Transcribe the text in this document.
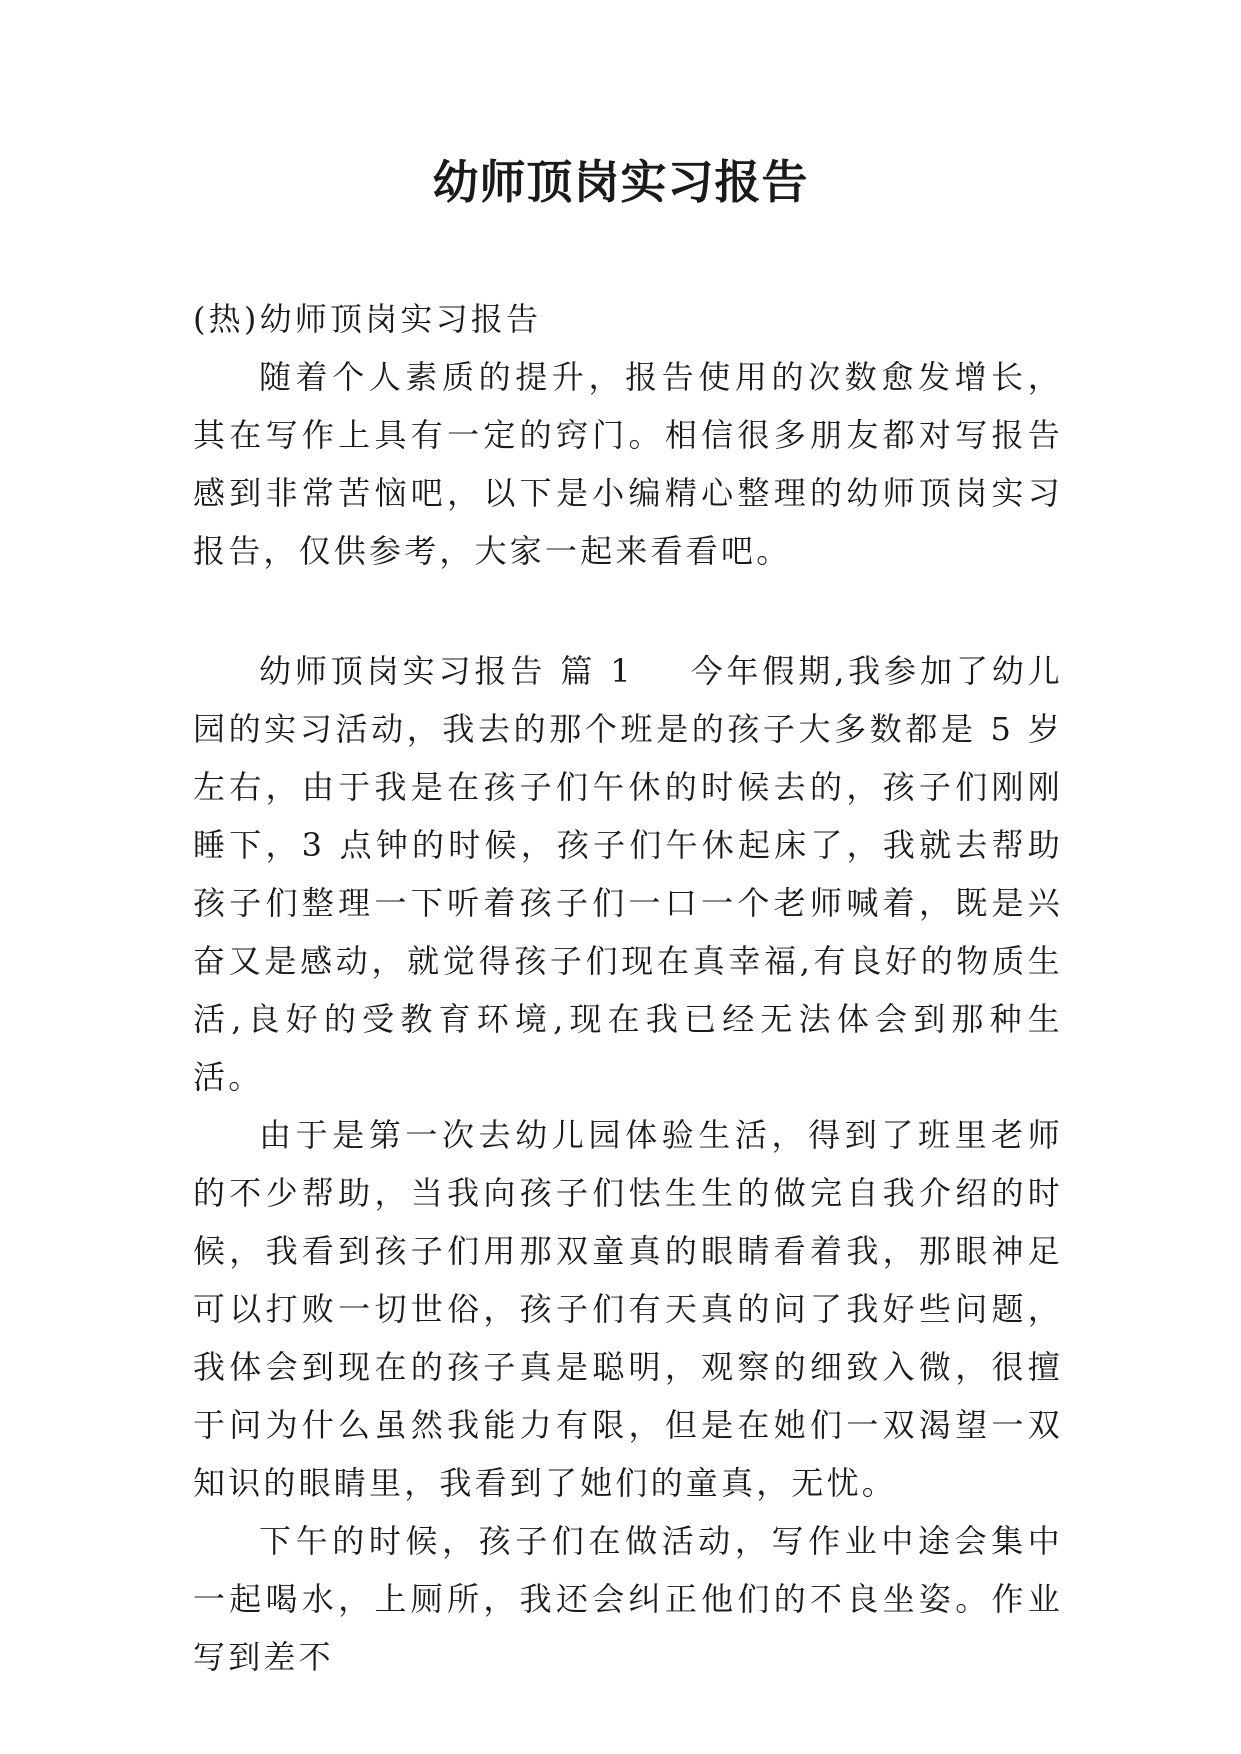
幼师顶岗实习报告

(热)幼师顶岗实习报告

随着个人素质的提升，报告使用的次数愈发增长，其在写作上具有一定的窍门。相信很多朋友都对写报告感到非常苦恼吧，以下是小编精心整理的幼师顶岗实习报告，仅供参考，大家一起来看看吧。

幼师顶岗实习报告 篇 1 今年假期,我参加了幼儿园的实习活动，我去的那个班是的孩子大多数都是 5 岁左右，由于我是在孩子们午休的时候去的，孩子们刚刚睡下，3 点钟的时候，孩子们午休起床了，我就去帮助孩子们整理一下听着孩子们一口一个老师喊着，既是兴奋又是感动，就觉得孩子们现在真幸福,有良好的物质生活,良好的受教育环境,现在我已经无法体会到那种生活。

由于是第一次去幼儿园体验生活，得到了班里老师的不少帮助，当我向孩子们怯生生的做完自我介绍的时候，我看到孩子们用那双童真的眼睛看着我，那眼神足可以打败一切世俗，孩子们有天真的问了我好些问题，我体会到现在的孩子真是聪明，观察的细致入微，很擅于问为什么虽然我能力有限，但是在她们一双渴望一双知识的眼睛里，我看到了她们的童真，无忧。

下午的时候，孩子们在做活动，写作业中途会集中一起喝水，上厕所，我还会纠正他们的不良坐姿。作业写到差不
